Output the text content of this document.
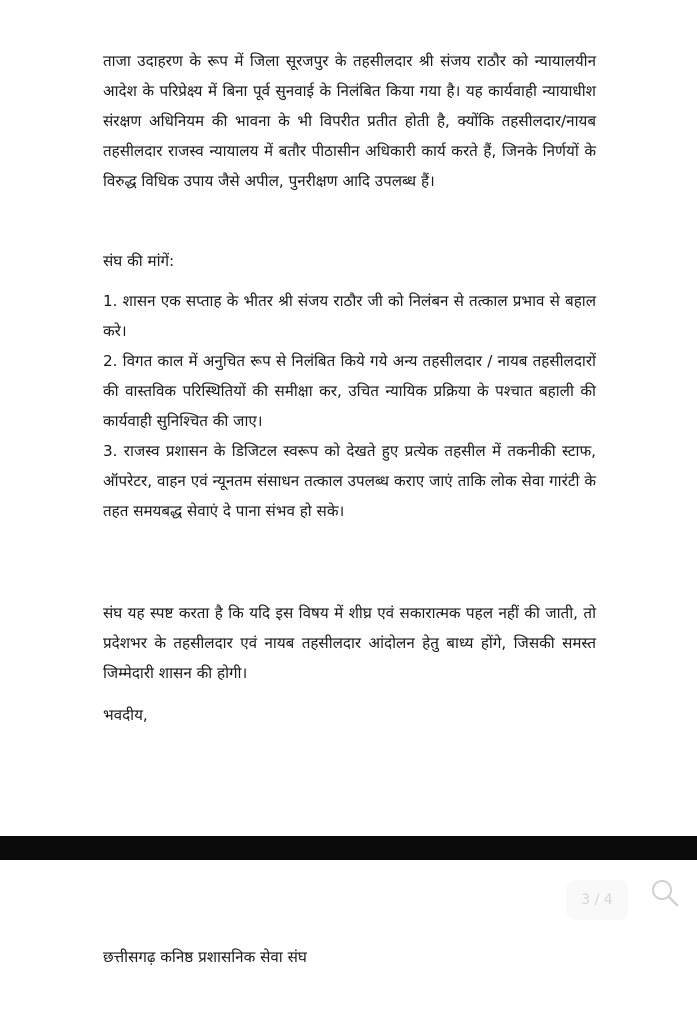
ताजा उदाहरण के रूप में जिला सूरजपुर के तहसीलदार श्री संजय राठौर को न्यायालयीन आदेश के परिप्रेक्ष्य में बिना पूर्व सुनवाई के निलंबित किया गया है। यह कार्यवाही न्यायाधीश संरक्षण अधिनियम की भावना के भी विपरीत प्रतीत होती है, क्योंकि तहसीलदार/नायब तहसीलदार राजस्व न्यायालय में बतौर पीठासीन अधिकारी कार्य करते हैं, जिनके निर्णयों के विरुद्ध विधिक उपाय जैसे अपील, पुनरीक्षण आदि उपलब्ध हैं।
संघ की मांगें:

1. शासन एक सप्ताह के भीतर श्री संजय राठौर जी को निलंबन से तत्काल प्रभाव से बहाल करे।

2. विगत काल में अनुचित रूप से निलंबित किये गये अन्य तहसीलदार / नायब तहसीलदारों की वास्तविक परिस्थितियों की समीक्षा कर, उचित न्यायिक प्रक्रिया के पश्चात बहाली की कार्यवाही सुनिश्चित की जाए।

3. राजस्व प्रशासन के डिजिटल स्वरूप को देखते हुए प्रत्येक तहसील में तकनीकी स्टाफ, ऑपरेटर, वाहन एवं न्यूनतम संसाधन तत्काल उपलब्ध कराए जाएं ताकि लोक सेवा गारंटी के तहत समयबद्ध सेवाएं दे पाना संभव हो सके।

संघ यह स्पष्ट करता है कि यदि इस विषय में शीघ्र एवं सकारात्मक पहल नहीं की जाती, तो प्रदेशभर के तहसीलदार एवं नायब तहसीलदार आंदोलन हेतु बाध्य होंगे, जिसकी समस्त जिम्मेदारी शासन की होगी।
भवदीय,
3 / 4
छत्तीसगढ़ कनिष्ठ प्रशासनिक सेवा संघ
